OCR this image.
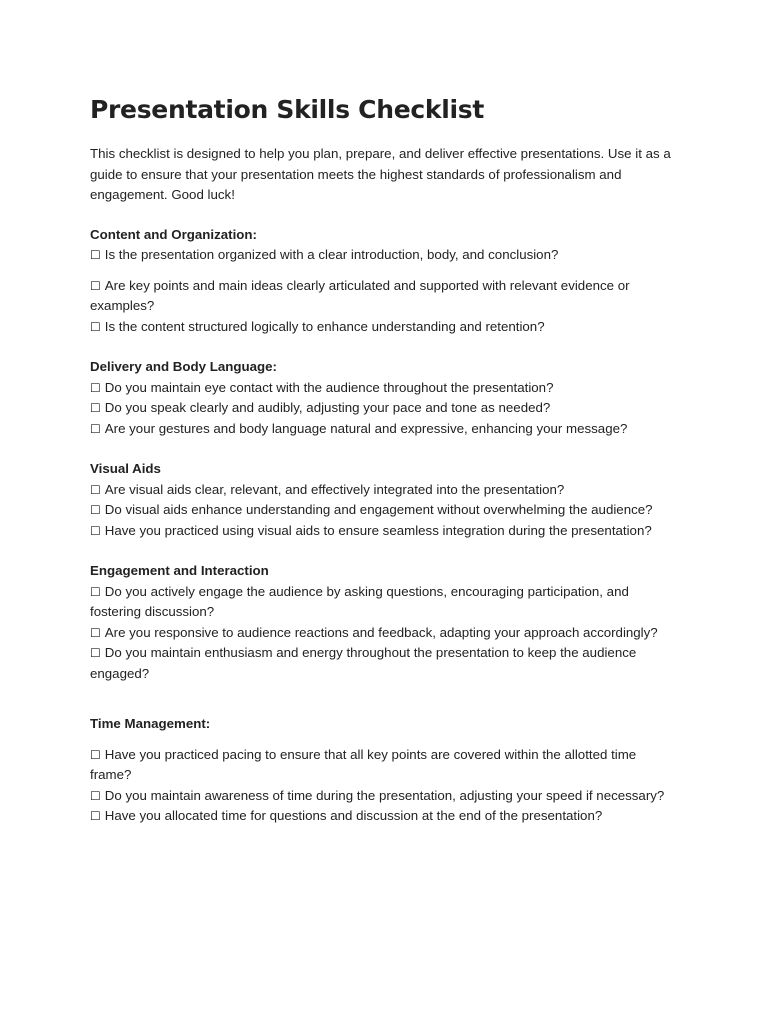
Presentation Skills Checklist

This checklist is designed to help you plan, prepare, and deliver effective presentations. Use it as a guide to ensure that your presentation meets the highest standards of professionalism and engagement. Good luck!

Content and Organization:
☐ Is the presentation organized with a clear introduction, body, and conclusion?
☐ Are key points and main ideas clearly articulated and supported with relevant evidence or examples?
☐ Is the content structured logically to enhance understanding and retention?
Delivery and Body Language:
☐ Do you maintain eye contact with the audience throughout the presentation?
☐ Do you speak clearly and audibly, adjusting your pace and tone as needed?
☐ Are your gestures and body language natural and expressive, enhancing your message?
Visual Aids
☐ Are visual aids clear, relevant, and effectively integrated into the presentation?
☐ Do visual aids enhance understanding and engagement without overwhelming the audience?
☐ Have you practiced using visual aids to ensure seamless integration during the presentation?
Engagement and Interaction
☐ Do you actively engage the audience by asking questions, encouraging participation, and fostering discussion?
☐ Are you responsive to audience reactions and feedback, adapting your approach accordingly?
☐ Do you maintain enthusiasm and energy throughout the presentation to keep the audience engaged?
Time Management:
☐ Have you practiced pacing to ensure that all key points are covered within the allotted time frame?
☐ Do you maintain awareness of time during the presentation, adjusting your speed if necessary?
☐ Have you allocated time for questions and discussion at the end of the presentation?
